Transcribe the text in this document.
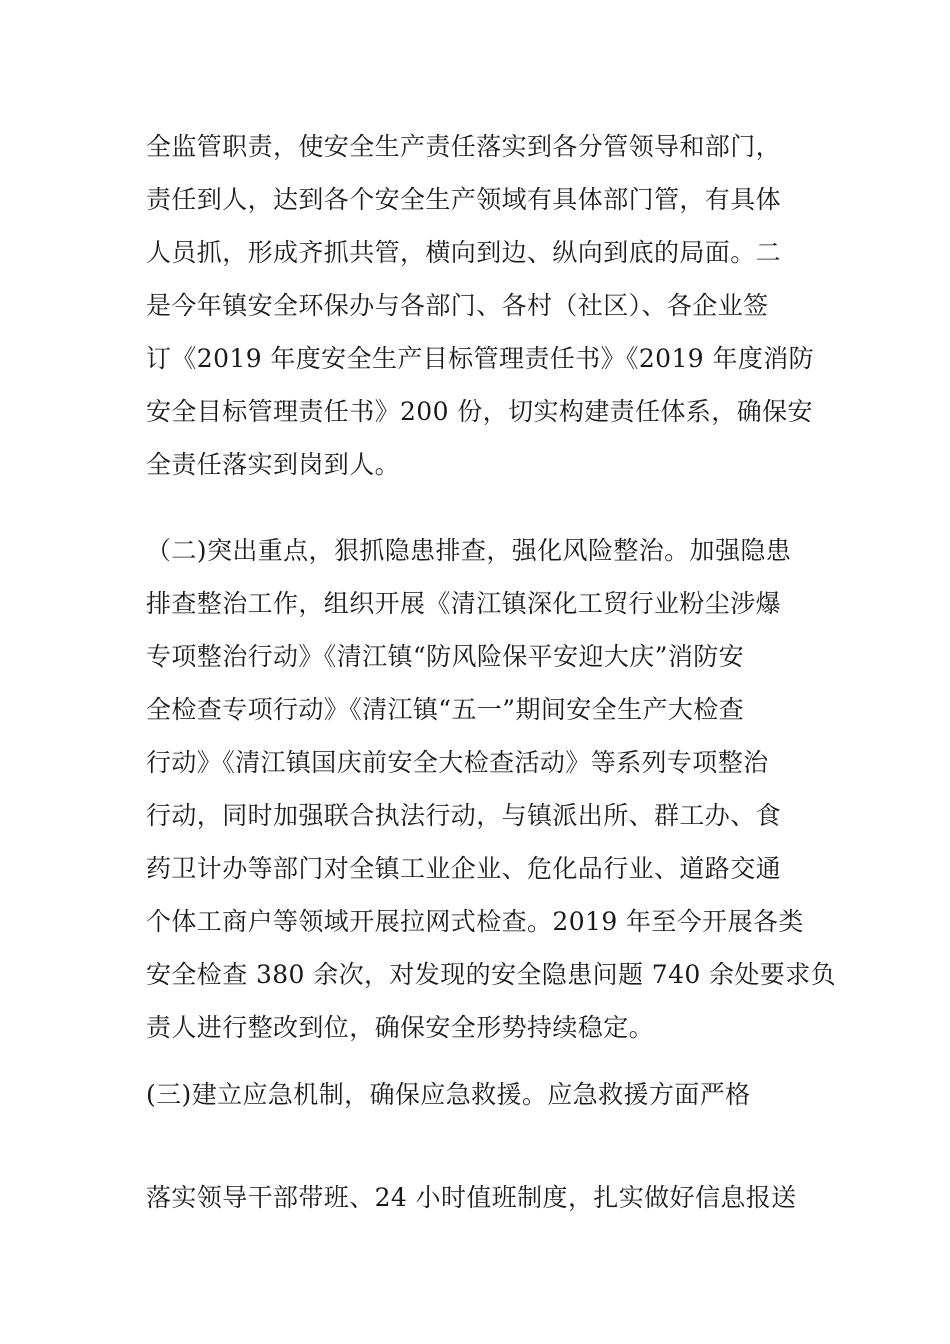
全监管职责，使安全生产责任落实到各分管领导和部门，
责任到人，达到各个安全生产领域有具体部门管，有具体
人员抓，形成齐抓共管，横向到边、纵向到底的局面。二
是今年镇安全环保办与各部门、各村（社区）、各企业签
订《2019 年度安全生产目标管理责任书》《2019 年度消防
安全目标管理责任书》200 份，切实构建责任体系，确保安
全责任落实到岗到人。
（二)突出重点，狠抓隐患排查，强化风险整治。加强隐患
排查整治工作，组织开展《清江镇深化工贸行业粉尘涉爆
专项整治行动》《清江镇“防风险保平安迎大庆”消防安
全检查专项行动》《清江镇“五一”期间安全生产大检查
行动》《清江镇国庆前安全大检查活动》等系列专项整治
行动，同时加强联合执法行动，与镇派出所、群工办、食
药卫计办等部门对全镇工业企业、危化品行业、道路交通
个体工商户等领域开展拉网式检查。2019 年至今开展各类
安全检查 380 余次，对发现的安全隐患问题 740 余处要求负
责人进行整改到位，确保安全形势持续稳定。
(三)建立应急机制，确保应急救援。应急救援方面严格
落实领导干部带班、24 小时值班制度，扎实做好信息报送
